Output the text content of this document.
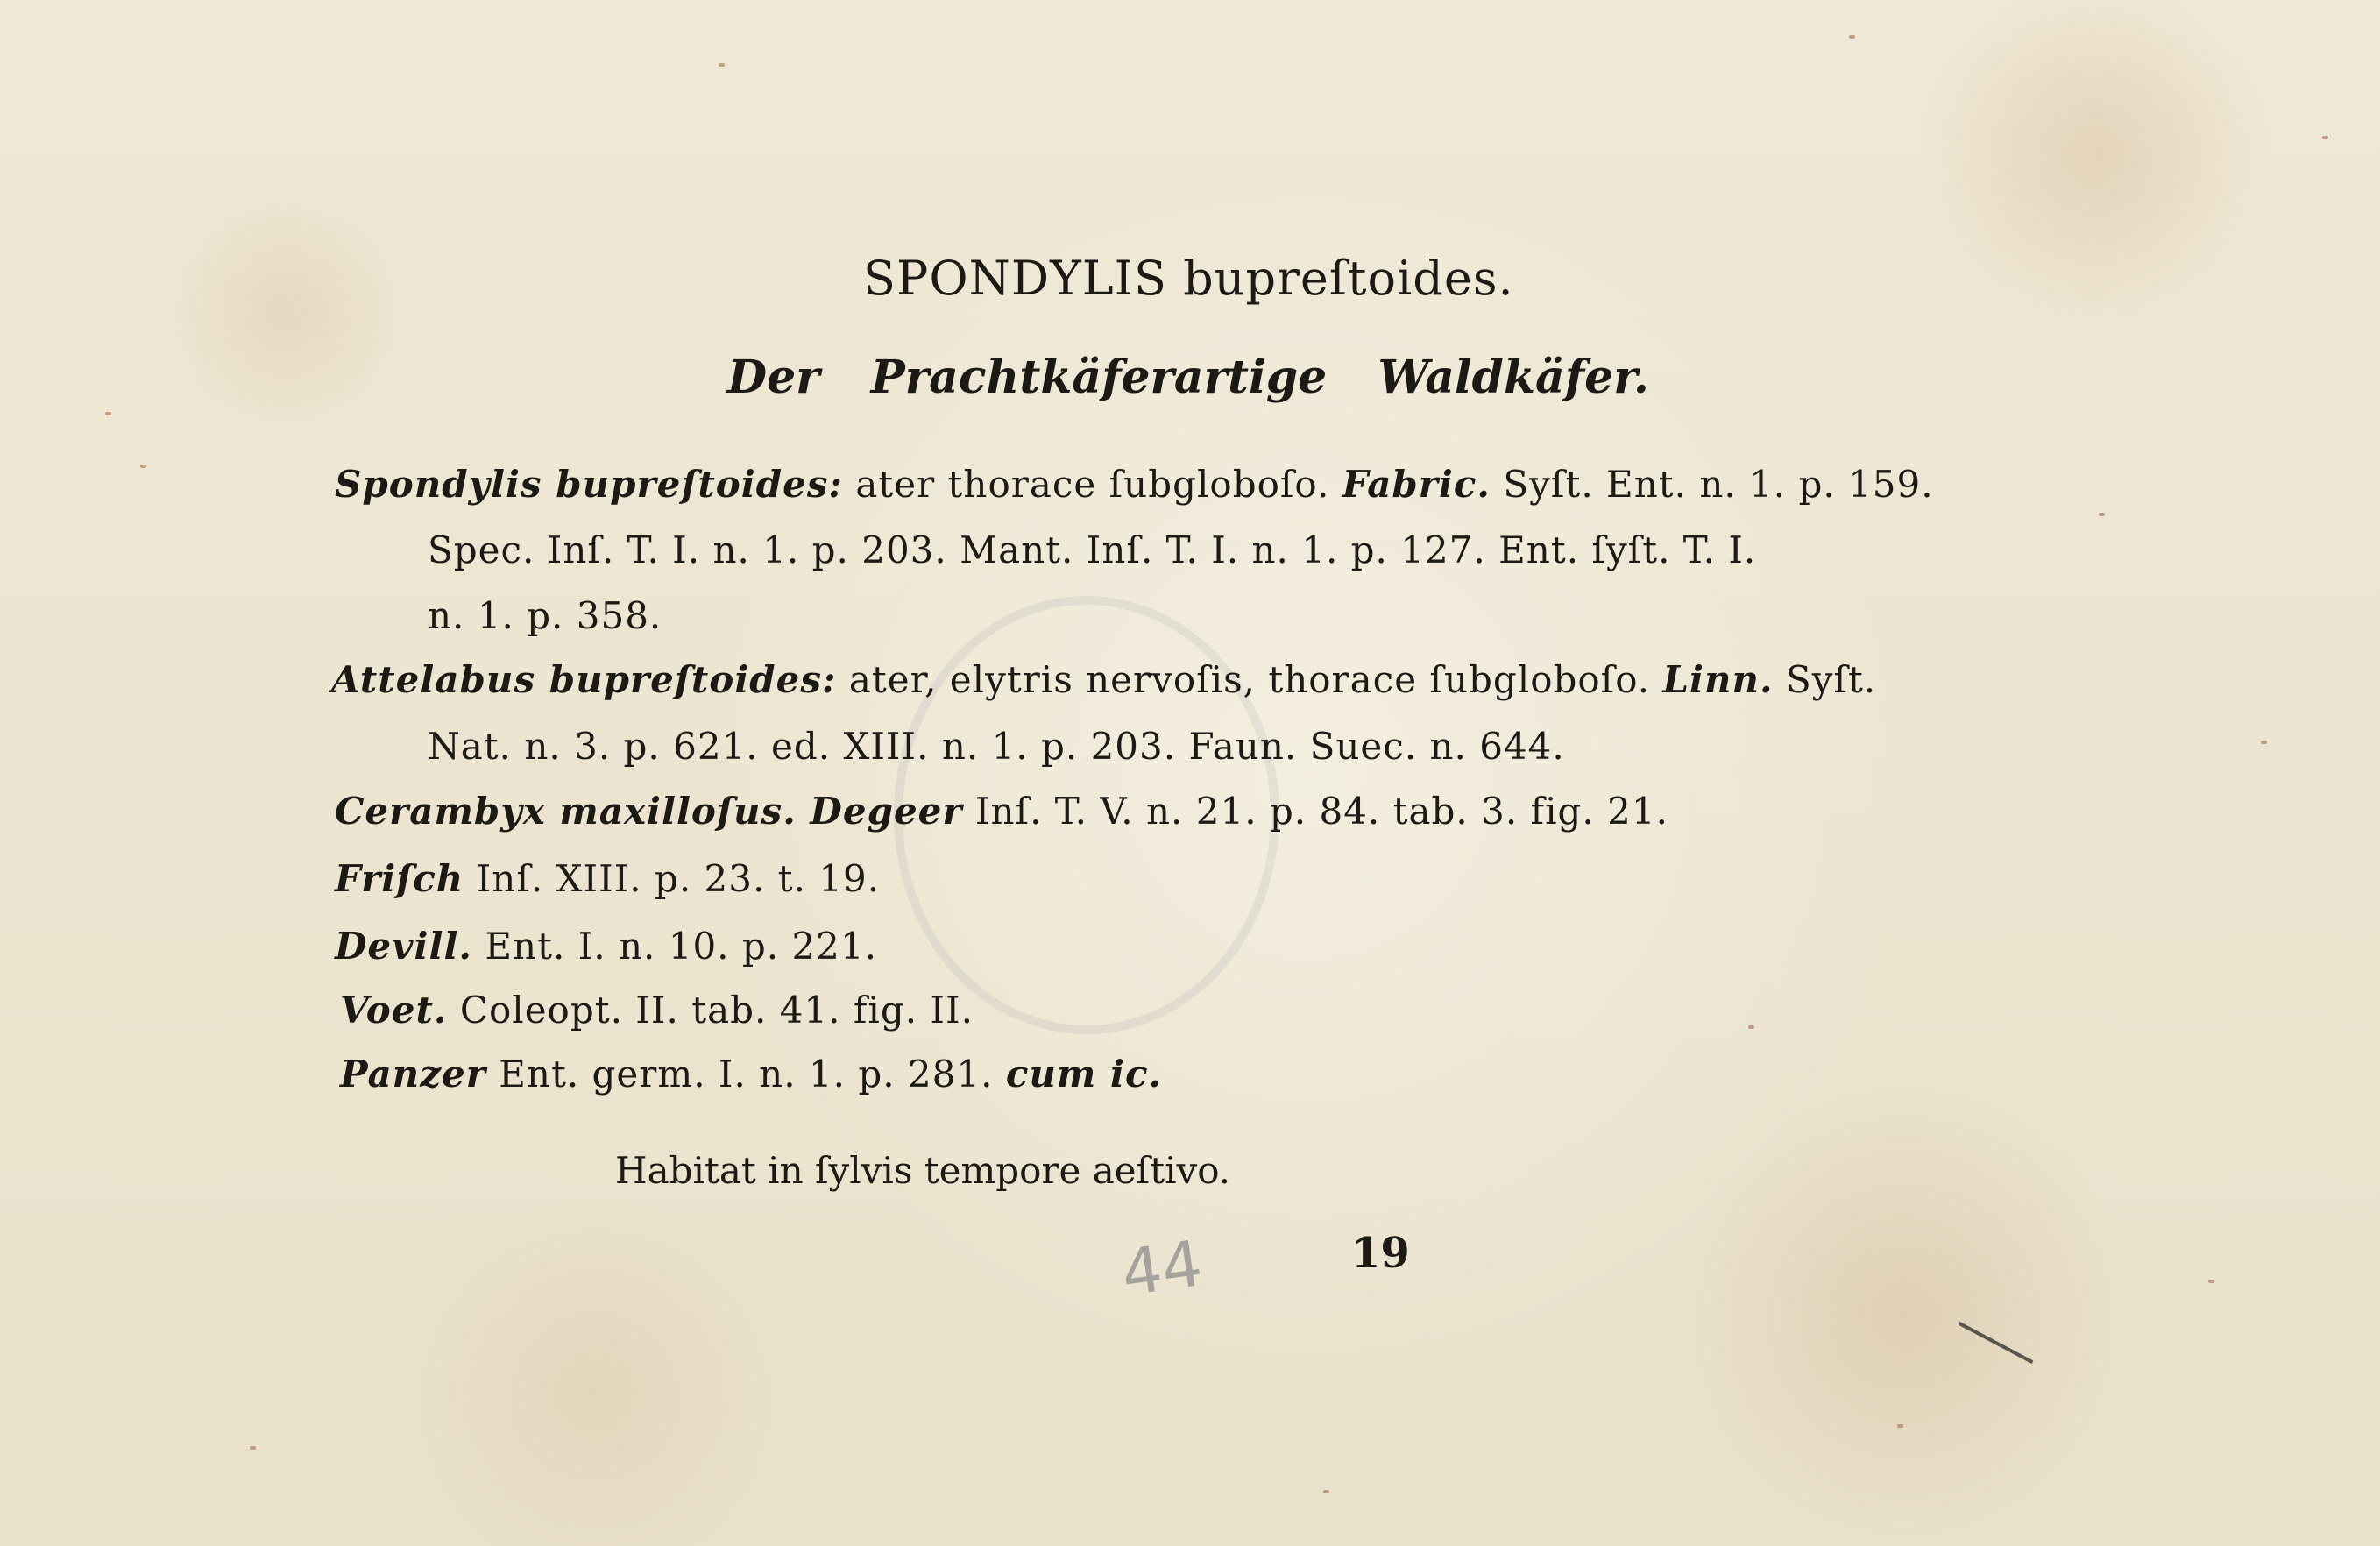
SPONDYLIS bupreſtoides.
Der Prachtkäferartige Waldkäfer.
Spondylis bupreſtoides: ater thorace ſubgloboſo. Fabric. Syſt. Ent. n. 1. p. 159.
Spec. Inſ. T. I. n. 1. p. 203. Mant. Inſ. T. I. n. 1. p. 127. Ent. ſyſt. T. I.
n. 1. p. 358.
Attelabus bupreſtoides: ater, elytris nervoſis, thorace ſubgloboſo. Linn. Syſt.
Nat. n. 3. p. 621. ed. XIII. n. 1. p. 203. Faun. Suec. n. 644.
Cerambyx maxilloſus. Degeer Inſ. T. V. n. 21. p. 84. tab. 3. fig. 21.
Friſch Inſ. XIII. p. 23. t. 19.
Devill. Ent. I. n. 10. p. 221.
Voet. Coleopt. II. tab. 41. fig. II.
Panzer Ent. germ. I. n. 1. p. 281. cum ic.
Habitat in ſylvis tempore aeſtivo.
44	19
